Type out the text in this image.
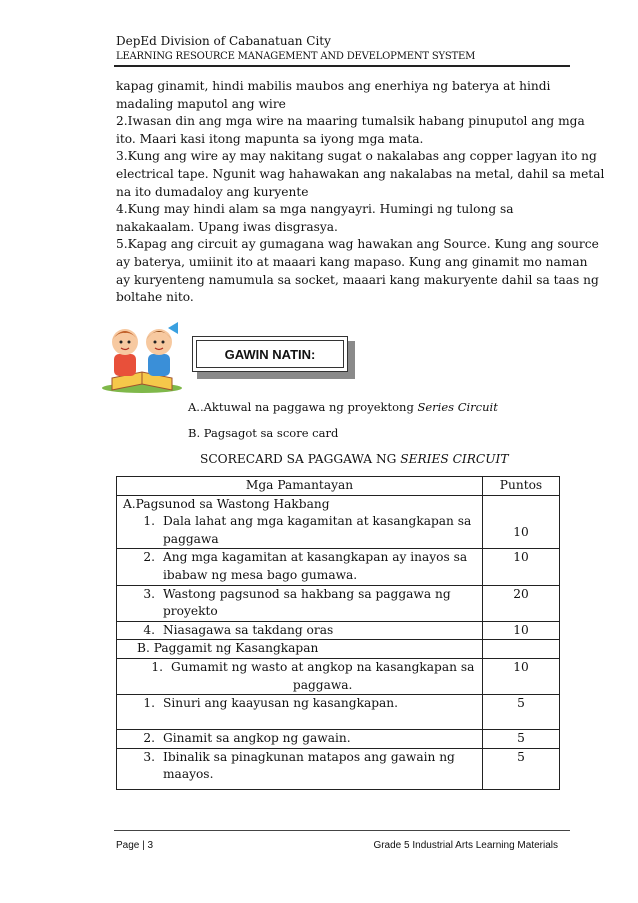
DepEd Division of Cabanatuan City
LEARNING RESOURCE MANAGEMENT AND DEVELOPMENT SYSTEM
kapag ginamit, hindi mabilis maubos ang enerhiya ng baterya at hindi
madaling maputol ang wire
2.Iwasan din ang mga wire na maaring tumalsik habang pinuputol ang mga
ito. Maari kasi itong mapunta sa iyong mga mata.
3.Kung ang wire ay may nakitang sugat o nakalabas ang copper lagyan ito ng
electrical tape. Ngunit wag hahawakan ang nakalabas na metal, dahil sa metal
na ito dumadaloy ang kuryente
4.Kung may hindi alam sa mga nangyayri. Humingi ng tulong sa
nakakaalam. Upang iwas disgrasya.
5.Kapag ang circuit ay gumagana wag hawakan ang Source. Kung ang source
ay baterya, umiinit ito at maaari kang mapaso. Kung ang ginamit mo naman
ay kuryenteng namumula sa socket, maaari kang makuryente dahil sa taas ng
boltahe nito.
GAWIN NATIN:
A..Aktuwal na paggawa ng proyektong Series Circuit
B. Pagsagot sa score card
SCORECARD SA PAGGAWA NG SERIES CIRCUIT
Mga Pamantayan	Puntos

A.Pagsunod sa Wastong Hakbang
1. Dala lahat ang mga kagamitan at kasangkapan sa
paggawa	10

2. Ang mga kagamitan at kasangkapan ay inayos sa
ibabaw ng mesa bago gumawa.	10

3. Wastong pagsunod sa hakbang sa paggawa ng
proyekto	20

4. Niasagawa sa takdang oras	10

B. Paggamit ng Kasangkapan	

1. Gumamit ng wasto at angkop na kasangkapan sa

paggawa.	10

1. Sinuri ang kaayusan ng kasangkapan.	5

2. Ginamit sa angkop ng gawain.	5

3. Ibinalik sa pinagkunan matapos ang gawain ng
maayos.	5
Page | 3	Grade 5 Industrial Arts Learning Materials
